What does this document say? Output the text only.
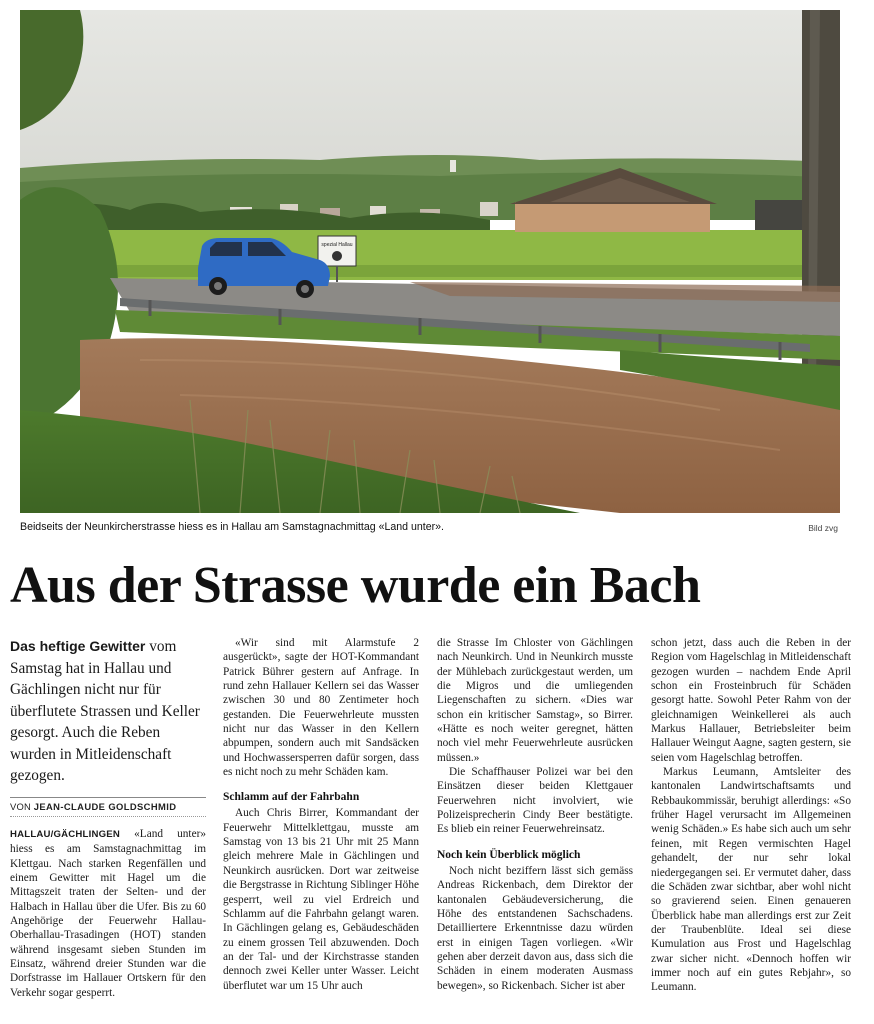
spezial Hallau
Beidseits der Neunkircherstrasse hiess es in Hallau am Samstagnachmittag «Land unter».	Bild zvg
Aus der Strasse wurde ein Bach
Das heftige Gewitter vom Samstag hat in Hallau und Gächlingen nicht nur für überflutete Strassen und Keller gesorgt. Auch die Reben wurden in Mitleidenschaft gezogen.
VON JEAN-CLAUDE GOLDSCHMID

HALLAU/GÄCHLINGEN «Land unter» hiess es am Samstagnachmittag im Klettgau. Nach starken Regenfällen und einem Gewitter mit Hagel um die Mittagszeit traten der Selten- und der Halbach in Hallau über die Ufer. Bis zu 60 Angehörige der Feuerwehr Hallau-Oberhallau-Trasadingen (HOT) standen während insgesamt sieben Stunden im Einsatz, während dreier Stunden war die Dorfstrasse im Hallauer Ortskern für den Verkehr sogar gesperrt.

«Wir sind mit Alarmstufe 2 ausgerückt», sagte der HOT-Kommandant Patrick Bührer gestern auf Anfrage. In rund zehn Hallauer Kellern sei das Wasser zwischen 30 und 80 Zentimeter hoch gestanden. Die Feuerwehrleute mussten nicht nur das Wasser in den Kellern abpumpen, sondern auch mit Sandsäcken und Hochwassersperren dafür sorgen, dass es nicht noch zu mehr Schäden kam.

Schlamm auf der Fahrbahn

Auch Chris Birrer, Kommandant der Feuerwehr Mittelklettgau, musste am Samstag von 13 bis 21 Uhr mit 25 Mann gleich mehrere Male in Gächlingen und Neunkirch ausrücken. Dort war zeitweise die Bergstrasse in Richtung Siblinger Höhe gesperrt, weil zu viel Erdreich und Schlamm auf die Fahrbahn gelangt waren. In Gächlingen gelang es, Gebäudeschäden zu einem grossen Teil abzuwenden. Doch an der Tal- und der Kirchstrasse standen dennoch zwei Keller unter Wasser. Leicht überflutet war um 15 Uhr auch

die Strasse Im Chloster von Gächlingen nach Neunkirch. Und in Neunkirch musste der Mühlebach zurückgestaut werden, um die Migros und die umliegenden Liegenschaften zu sichern. «Dies war schon ein kritischer Samstag», so Birrer. «Hätte es noch weiter geregnet, hätten noch viel mehr Feuerwehrleute ausrücken müssen.»

Die Schaffhauser Polizei war bei den Einsätzen dieser beiden Klettgauer Feuerwehren nicht involviert, wie Polizeisprecherin Cindy Beer bestätigte. Es blieb ein reiner Feuerwehreinsatz.

Noch kein Überblick möglich

Noch nicht beziffern lässt sich gemäss Andreas Rickenbach, dem Direktor der kantonalen Gebäudeversicherung, die Höhe des entstandenen Sachschadens. Detailliertere Erkenntnisse dazu würden erst in einigen Tagen vorliegen. «Wir gehen aber derzeit davon aus, dass sich die Schäden in einem moderaten Ausmass bewegen», so Rickenbach. Sicher ist aber

schon jetzt, dass auch die Reben in der Region vom Hagelschlag in Mitleidenschaft gezogen wurden – nachdem Ende April schon ein Frosteinbruch für Schäden gesorgt hatte. Sowohl Peter Rahm von der gleichnamigen Weinkellerei als auch Markus Hallauer, Betriebsleiter beim Hallauer Weingut Aagne, sagten gestern, sie seien vom Hagelschlag betroffen.

Markus Leumann, Amtsleiter des kantonalen Landwirtschaftsamts und Rebbaukommissär, beruhigt allerdings: «So früher Hagel verursacht im Allgemeinen wenig Schäden.» Es habe sich auch um sehr feinen, mit Regen vermischten Hagel gehandelt, der nur sehr lokal niedergegangen sei. Er vermutet daher, dass die Schäden zwar sichtbar, aber wohl nicht so gravierend seien. Einen genaueren Überblick habe man allerdings erst zur Zeit der Traubenblüte. Ideal sei diese Kumulation aus Frost und Hagelschlag zwar sicher nicht. «Dennoch hoffen wir immer noch auf ein gutes Rebjahr», so Leumann.
